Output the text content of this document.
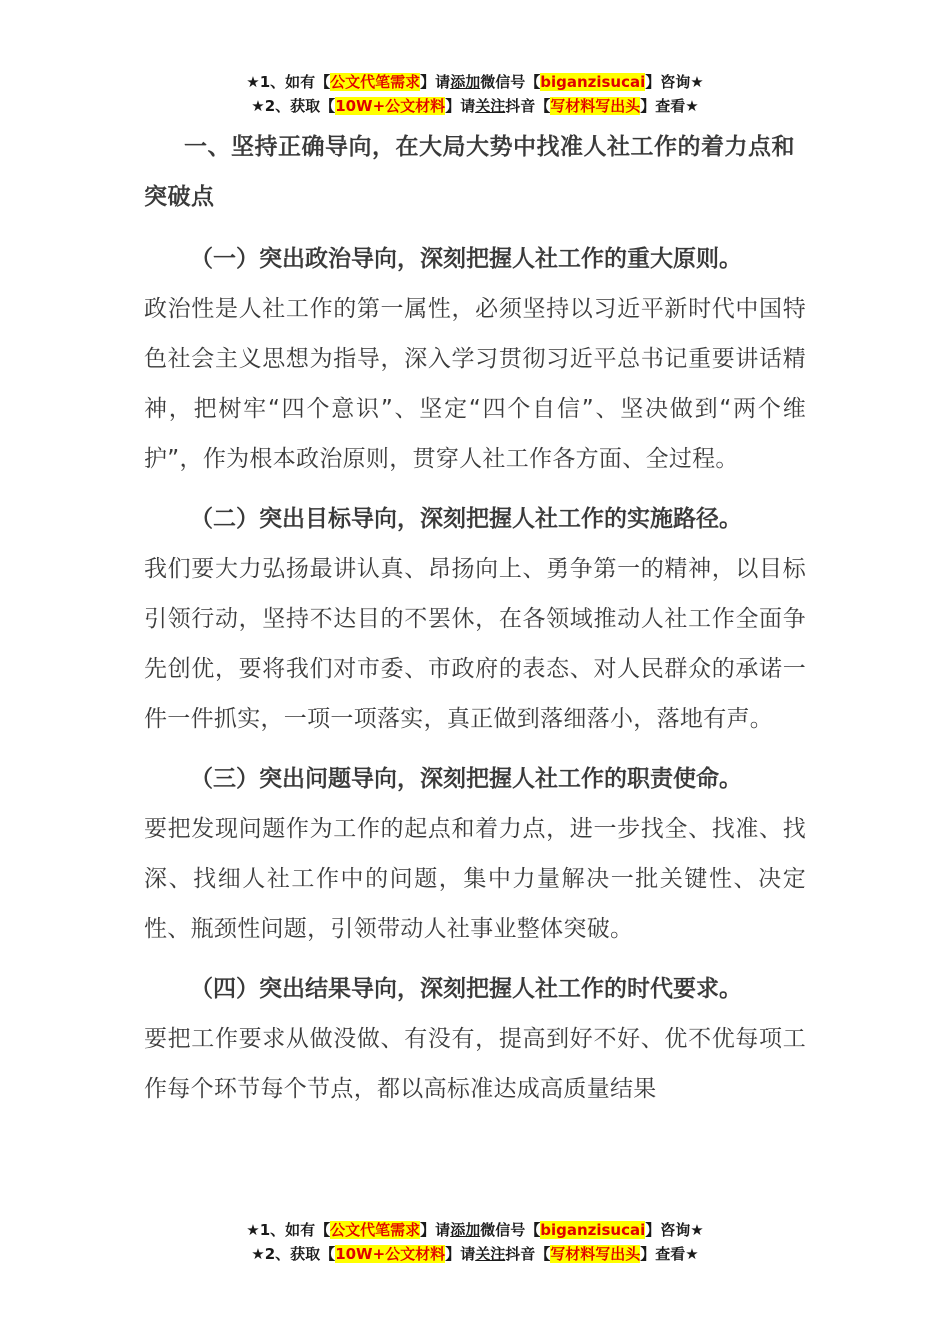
★1、如有【公文代笔需求】请添加微信号【biganzisucai】咨询★
★2、获取【10W+公文材料】请关注抖音【写材料写出头】查看★

一、坚持正确导向，在大局大势中找准人社工作的着力点和突破点

（一）突出政治导向，深刻把握人社工作的重大原则。

政治性是人社工作的第一属性，必须坚持以习近平新时代中国特色社会主义思想为指导，深入学习贯彻习近平总书记重要讲话精神，把树牢“四个意识”、坚定“四个自信”、坚决做到“两个维护”，作为根本政治原则，贯穿人社工作各方面、全过程。

（二）突出目标导向，深刻把握人社工作的实施路径。

我们要大力弘扬最讲认真、昂扬向上、勇争第一的精神，以目标引领行动，坚持不达目的不罢休，在各领域推动人社工作全面争先创优，要将我们对市委、市政府的表态、对人民群众的承诺一件一件抓实，一项一项落实，真正做到落细落小，落地有声。

（三）突出问题导向，深刻把握人社工作的职责使命。

要把发现问题作为工作的起点和着力点，进一步找全、找准、找深、找细人社工作中的问题，集中力量解决一批关键性、决定性、瓶颈性问题，引领带动人社事业整体突破。

（四）突出结果导向，深刻把握人社工作的时代要求。

要把工作要求从做没做、有没有，提高到好不好、优不优每项工作每个环节每个节点，都以高标准达成高质量结果

★1、如有【公文代笔需求】请添加微信号【biganzisucai】咨询★
★2、获取【10W+公文材料】请关注抖音【写材料写出头】查看★
